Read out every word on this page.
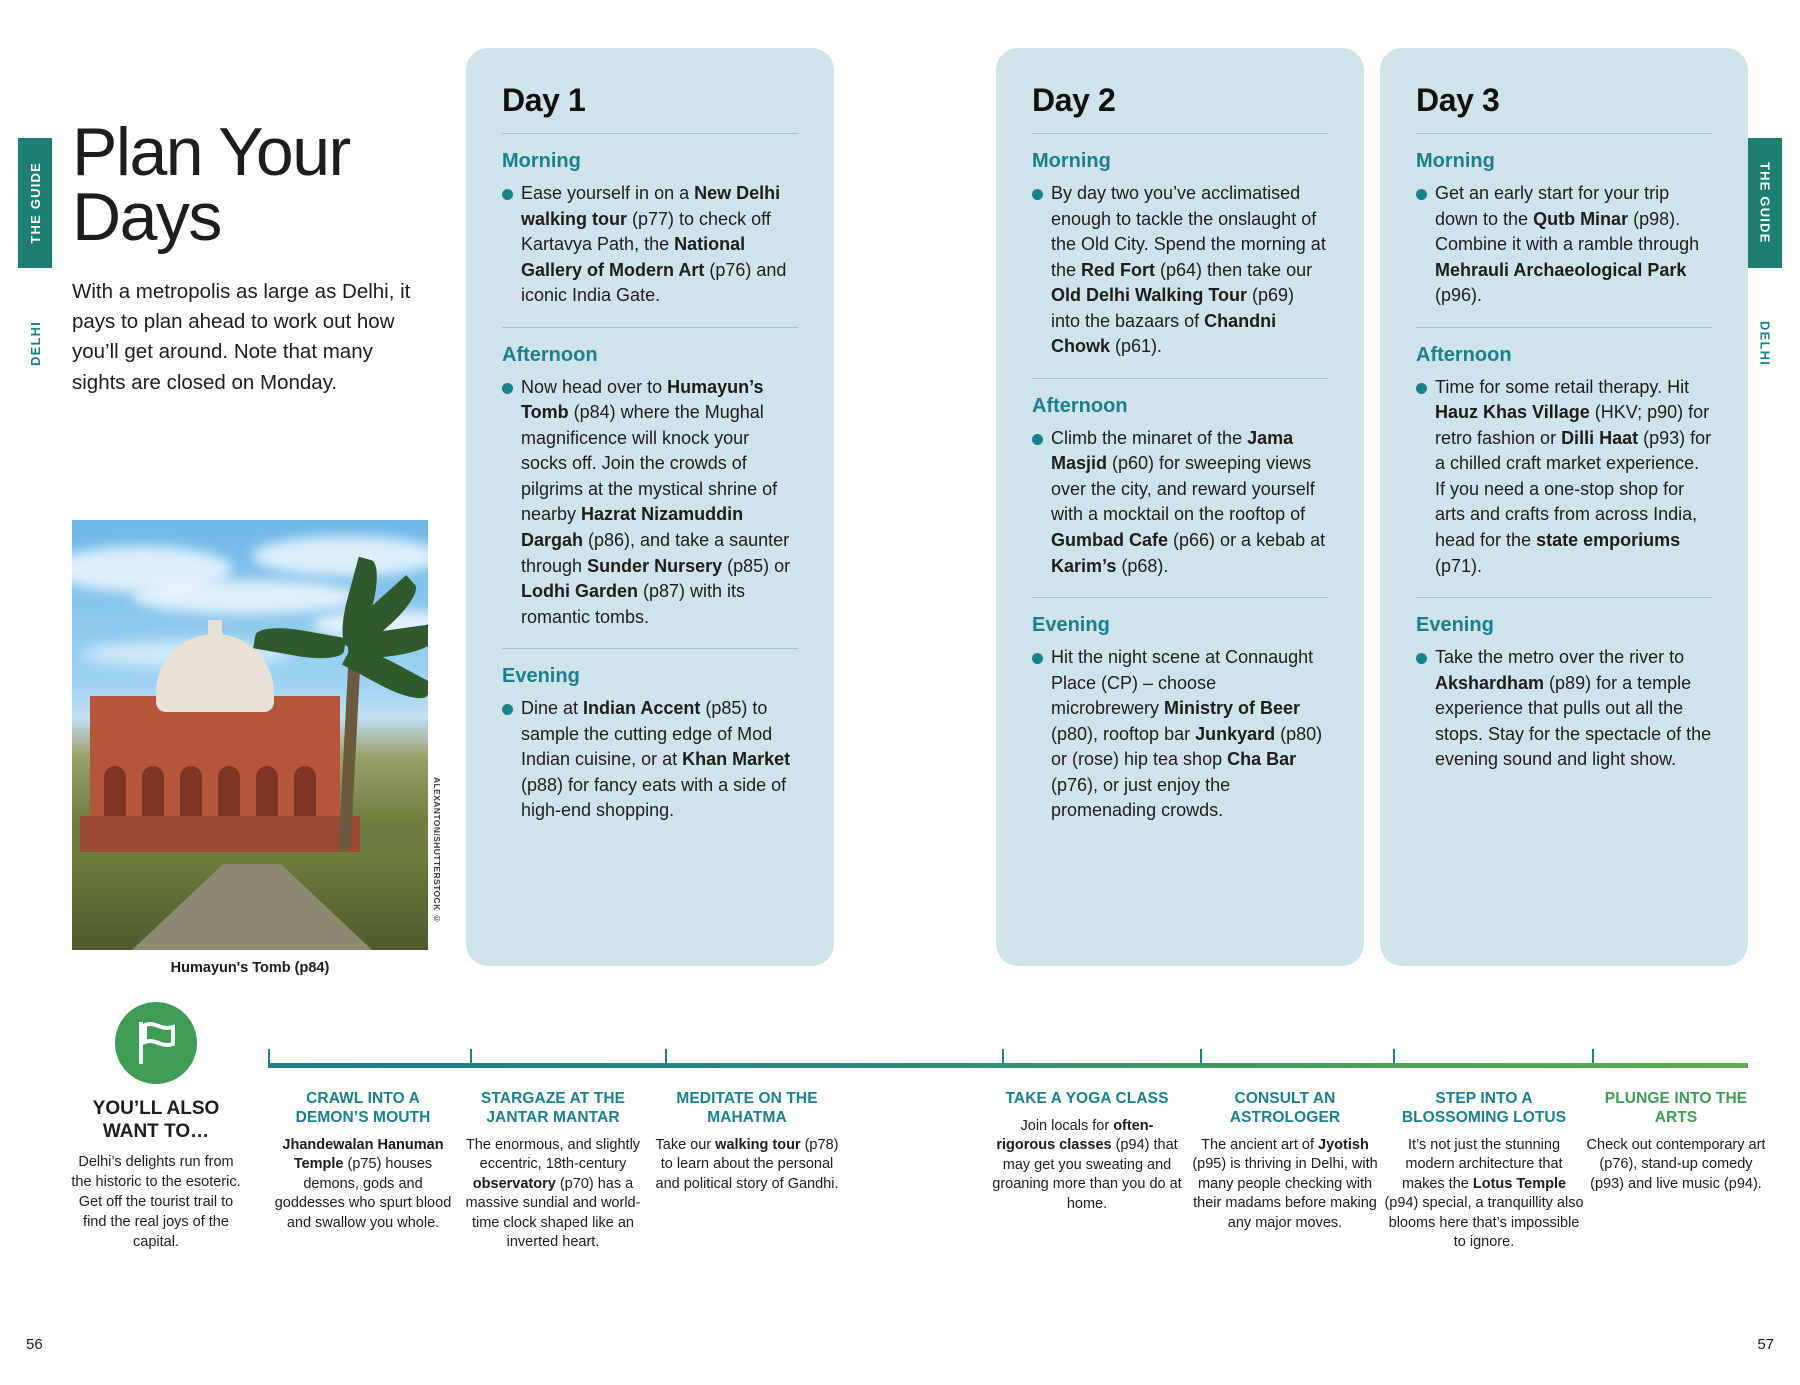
THE GUIDE
DELHI
THE GUIDE
DELHI
Plan Your Days
With a metropolis as large as Delhi, it pays to plan ahead to work out how you’ll get around. Note that many sights are closed on Monday.
ALEXANTON/SHUTTERSTOCK ©
Humayun's Tomb (p84)
Day 1
Morning
Ease yourself in on a New Delhi walking tour (p77) to check off Kartavya Path, the National Gallery of Modern Art (p76) and iconic India Gate.
Afternoon
Now head over to Humayun’s Tomb (p84) where the Mughal magnificence will knock your socks off. Join the crowds of pilgrims at the mystical shrine of nearby Hazrat Nizamuddin Dargah (p86), and take a saunter through Sunder Nursery (p85) or Lodhi Garden (p87) with its romantic tombs.
Evening
Dine at Indian Accent (p85) to sample the cutting edge of Mod Indian cuisine, or at Khan Market (p88) for fancy eats with a side of high-end shopping.
Day 2
Morning
By day two you’ve acclimatised enough to tackle the onslaught of the Old City. Spend the morning at the Red Fort (p64) then take our Old Delhi Walking Tour (p69) into the bazaars of Chandni Chowk (p61).
Afternoon
Climb the minaret of the Jama Masjid (p60) for sweeping views over the city, and reward yourself with a mocktail on the rooftop of Gumbad Cafe (p66) or a kebab at Karim’s (p68).
Evening
Hit the night scene at Connaught Place (CP) – choose microbrewery Ministry of Beer (p80), rooftop bar Junkyard (p80) or (rose) hip tea shop Cha Bar (p76), or just enjoy the promenading crowds.
Day 3
Morning
Get an early start for your trip down to the Qutb Minar (p98). Combine it with a ramble through Mehrauli Archaeological Park (p96).
Afternoon
Time for some retail therapy. Hit Hauz Khas Village (HKV; p90) for retro fashion or Dilli Haat (p93) for a chilled craft market experience. If you need a one-stop shop for arts and crafts from across India, head for the state emporiums (p71).
Evening
Take the metro over the river to Akshardham (p89) for a temple experience that pulls out all the stops. Stay for the spectacle of the evening sound and light show.
YOU’LL ALSO WANT TO…
Delhi’s delights run from the historic to the esoteric. Get off the tourist trail to find the real joys of the capital.
CRAWL INTO A DEMON’S MOUTH

Jhandewalan Hanuman Temple (p75) houses demons, gods and goddesses who spurt blood and swallow you whole.

STARGAZE AT THE JANTAR MANTAR

The enormous, and slightly eccentric, 18th-century observatory (p70) has a massive sundial and world-time clock shaped like an inverted heart.

MEDITATE ON THE MAHATMA

Take our walking tour (p78) to learn about the personal and political story of Gandhi.

TAKE A YOGA CLASS

Join locals for often-rigorous classes (p94) that may get you sweating and groaning more than you do at home.

CONSULT AN ASTROLOGER

The ancient art of Jyotish (p95) is thriving in Delhi, with many people checking with their madams before making any major moves.

STEP INTO A BLOSSOMING LOTUS

It’s not just the stunning modern architecture that makes the Lotus Temple (p94) special, a tranquillity also blooms here that’s impossible to ignore.

PLUNGE INTO THE ARTS

Check out contemporary art (p76), stand-up comedy (p93) and live music (p94).

56	57
